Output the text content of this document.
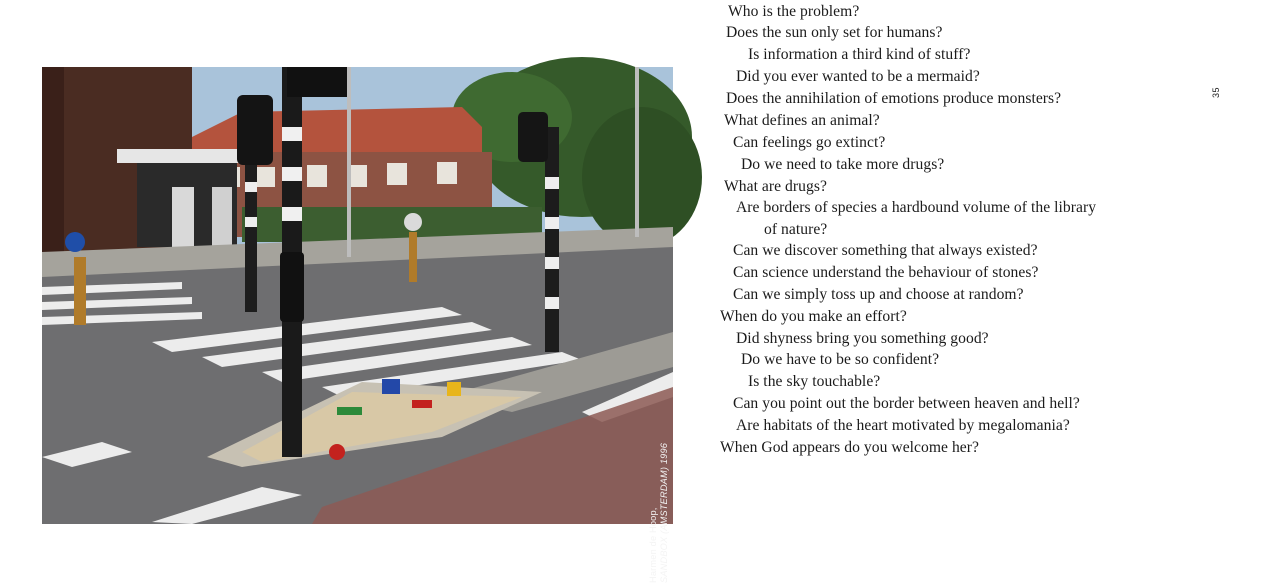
Harmen de Hoop, SANDBOX (AMSTERDAM) 1996
Who is the problem?
Does the sun only set for humans?
Is information a third kind of stuff?
Did you ever wanted to be a mermaid?
Does the annihilation of emotions produce monsters?
What defines an animal?
Can feelings go extinct?
Do we need to take more drugs?
What are drugs?
Are borders of species a hardbound volume of the library
of nature?
Can we discover something that always existed?
Can science understand the behaviour of stones?
Can we simply toss up and choose at random?
When do you make an effort?
Did shyness bring you something good?
Do we have to be so confident?
Is the sky touchable?
Can you point out the border between heaven and hell?
Are habitats of the heart motivated by megalomania?
When God appears do you welcome her?
35
